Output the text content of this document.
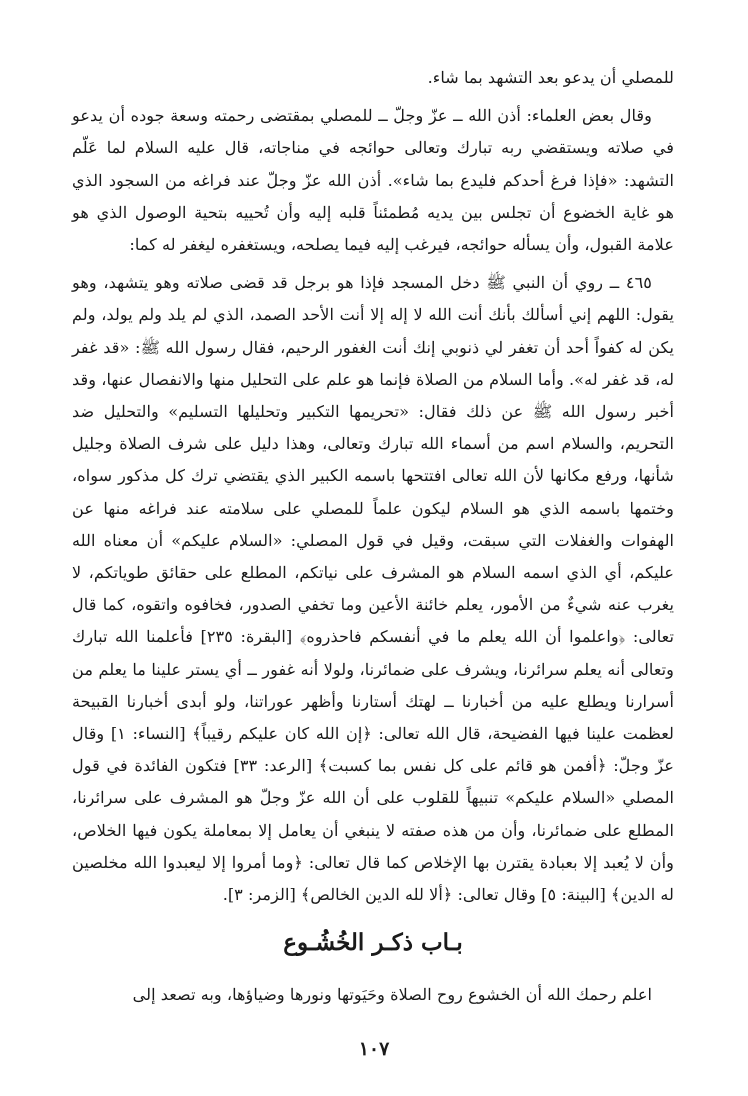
للمصلي أن يدعو بعد التشهد بما شاء.

وقال بعض العلماء: أذن الله ــ عزّ وجلّ ــ للمصلي بمقتضى رحمته وسعة جوده أن يدعو في صلاته ويستقضي ربه تبارك وتعالى حوائجه في مناجاته، قال عليه السلام لما عَلّم التشهد: «فإذا فرغ أحدكم فليدع بما شاء». أذن الله عزّ وجلّ عند فراغه من السجود الذي هو غاية الخضوع أن تجلس بين يديه مُطمئناً قلبه إليه وأن تُحييه بتحية الوصول الذي هو علامة القبول، وأن يسأله حوائجه، فيرغب إليه فيما يصلحه، ويستغفره ليغفر له كما:

٤٦٥ ــ روي أن النبي ﷺ دخل المسجد فإذا هو برجل قد قضى صلاته وهو يتشهد، وهو يقول: اللهم إني أسألك بأنك أنت الله لا إله إلا أنت الأحد الصمد، الذي لم يلد ولم يولد، ولم يكن له كفواً أحد أن تغفر لي ذنوبي إنك أنت الغفور الرحيم، فقال رسول الله ﷺ: «قد غفر له، قد غفر له». وأما السلام من الصلاة فإنما هو علم على التحليل منها والانفصال عنها، وقد أخبر رسول الله ﷺ عن ذلك فقال: «تحريمها التكبير وتحليلها التسليم» والتحليل ضد التحريم، والسلام اسم من أسماء الله تبارك وتعالى، وهذا دليل على شرف الصلاة وجليل شأنها، ورفع مكانها لأن الله تعالى افتتحها باسمه الكبير الذي يقتضي ترك كل مذكور سواه، وختمها باسمه الذي هو السلام ليكون علماً للمصلي على سلامته عند فراغه منها عن الهفوات والغفلات التي سبقت، وقيل في قول المصلي: «السلام عليكم» أن معناه الله عليكم، أي الذي اسمه السلام هو المشرف على نياتكم، المطلع على حقائق طوياتكم، لا يغرب عنه شيءٌ من الأمور، يعلم خائنة الأعين وما تخفي الصدور، فخافوه واتقوه، كما قال تعالى: ﴿واعلموا أن الله يعلم ما في أنفسكم فاحذروه﴾ [البقرة: ٢٣٥] فأعلمنا الله تبارك وتعالى أنه يعلم سرائرنا، ويشرف على ضمائرنا، ولولا أنه غفور ــ أي يستر علينا ما يعلم من أسرارنا ويطلع عليه من أخبارنا ــ لهتك أستارنا وأظهر عوراتنا، ولو أبدى أخبارنا القبيحة لعظمت علينا فيها الفضيحة، قال الله تعالى: ﴿إن الله كان عليكم رقيباً﴾ [النساء: ١] وقال عزّ وجلّ: ﴿أفمن هو قائم على كل نفس بما كسبت﴾ [الرعد: ٣٣] فتكون الفائدة في قول المصلي «السلام عليكم» تنبيهاً للقلوب على أن الله عزّ وجلّ هو المشرف على سرائرنا، المطلع على ضمائرنا، وأن من هذه صفته لا ينبغي أن يعامل إلا بمعاملة يكون فيها الخلاص، وأن لا يُعبد إلا بعبادة يقترن بها الإخلاص كما قال تعالى: ﴿وما أمروا إلا ليعبدوا الله مخلصين له الدين﴾ [البينة: ٥] وقال تعالى: ﴿ألا لله الدين الخالص﴾ [الزمر: ٣].

بـاب ذكـر الخُشُـوع

اعلم رحمك الله أن الخشوع روح الصلاة وحَيَوتها ونورها وضياؤها، وبه تصعد إلى

١٠٧
